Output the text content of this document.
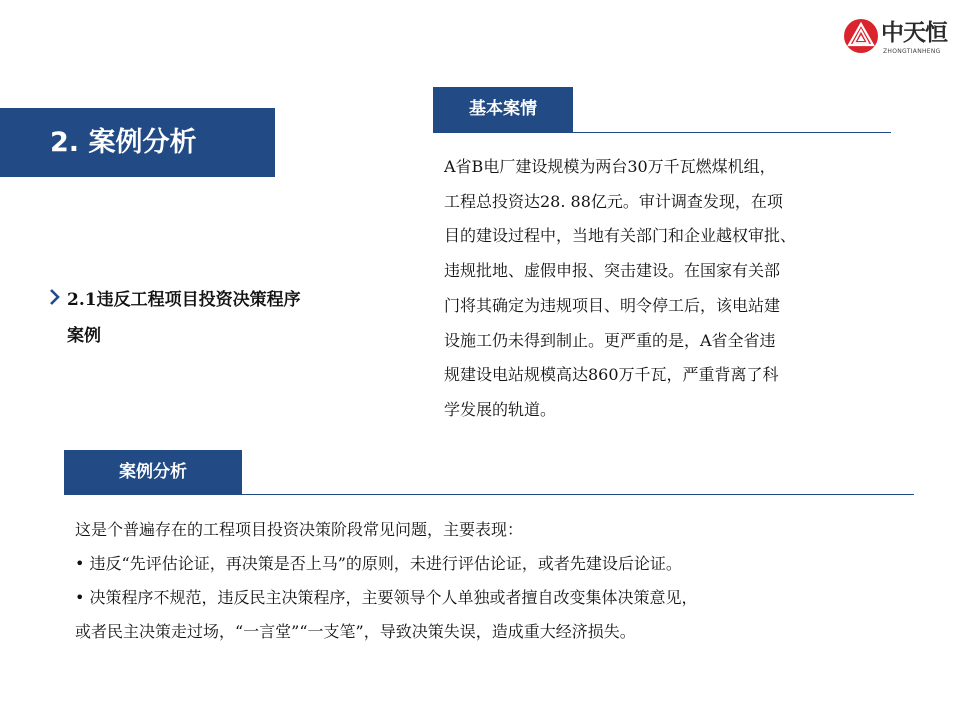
中天恒
ZHONGTIANHENG
2. 案例分析
2.1违反工程项目投资决策程序
案例
基本案情
A省B电厂建设规模为两台30万千瓦燃煤机组，
工程总投资达28. 88亿元。审计调查发现，在项
目的建设过程中，当地有关部门和企业越权审批、
违规批地、虚假申报、突击建设。在国家有关部
门将其确定为违规项目、明令停工后，该电站建
设施工仍未得到制止。更严重的是，A省全省违
规建设电站规模高达860万千瓦，严重背离了科
学发展的轨道。
案例分析
这是个普遍存在的工程项目投资决策阶段常见问题，主要表现：
• 违反“先评估论证，再决策是否上马”的原则，未进行评估论证，或者先建设后论证。
• 决策程序不规范，违反民主决策程序，主要领导个人单独或者擅自改变集体决策意见，
或者民主决策走过场，“一言堂”“一支笔”，导致决策失误，造成重大经济损失。
